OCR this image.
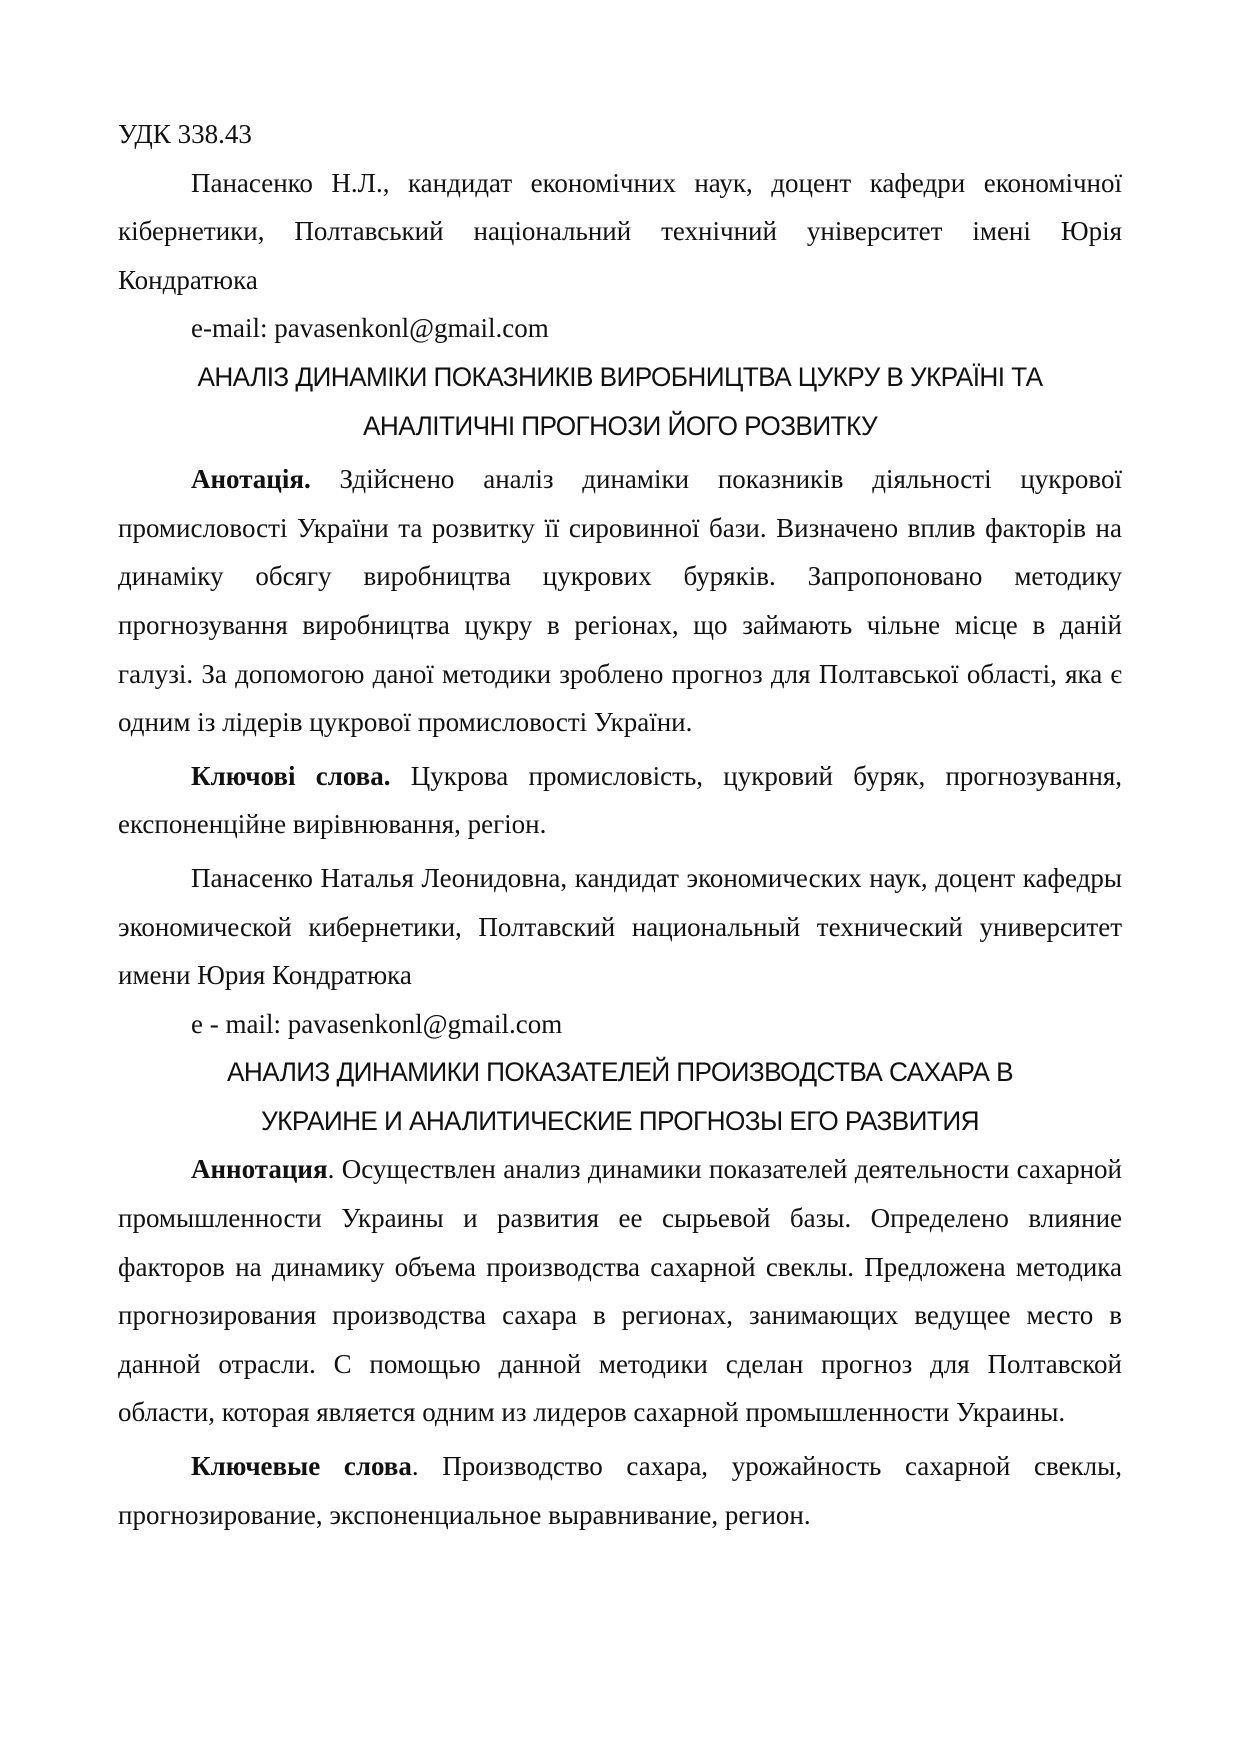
УДК 338.43

Панасенко Н.Л., кандидат економічних наук, доцент кафедри економічної кібернетики, Полтавський національний технічний університет імені Юрія Кондратюка

e-mail: pavasenkonl@gmail.com

АНАЛІЗ ДИНАМІКИ ПОКАЗНИКІВ ВИРОБНИЦТВА ЦУКРУ В УКРАЇНІ ТА

АНАЛІТИЧНІ ПРОГНОЗИ ЙОГО РОЗВИТКУ

Анотація. Здійснено аналіз динаміки показників діяльності цукрової промисловості України та розвитку її сировинної бази. Визначено вплив факторів на динаміку обсягу виробництва цукрових буряків. Запропоновано методику прогнозування виробництва цукру в регіонах, що займають чільне місце в даній галузі. За допомогою даної методики зроблено прогноз для Полтавської області, яка є одним із лідерів цукрової промисловості України.

Ключові слова. Цукрова промисловість, цукровий буряк, прогнозування, експоненційне вирівнювання, регіон.

Панасенко Наталья Леонидовна, кандидат экономических наук, доцент кафедры экономической кибернетики, Полтавский национальный технический университет имени Юрия Кондратюка

e - mail: pavasenkonl@gmail.com

АНАЛИЗ ДИНАМИКИ ПОКАЗАТЕЛЕЙ ПРОИЗВОДСТВА САХАРА В

УКРАИНЕ И АНАЛИТИЧЕСКИЕ ПРОГНОЗЫ ЕГО РАЗВИТИЯ

Аннотация. Осуществлен анализ динамики показателей деятельности сахарной промышленности Украины и развития ее сырьевой базы. Определено влияние факторов на динамику объема производства сахарной свеклы. Предложена методика прогнозирования производства сахара в регионах, занимающих ведущее место в данной отрасли. С помощью данной методики сделан прогноз для Полтавской области, которая является одним из лидеров сахарной промышленности Украины.

Ключевые слова. Производство сахара, урожайность сахарной свеклы, прогнозирование, экспоненциальное выравнивание, регион.
